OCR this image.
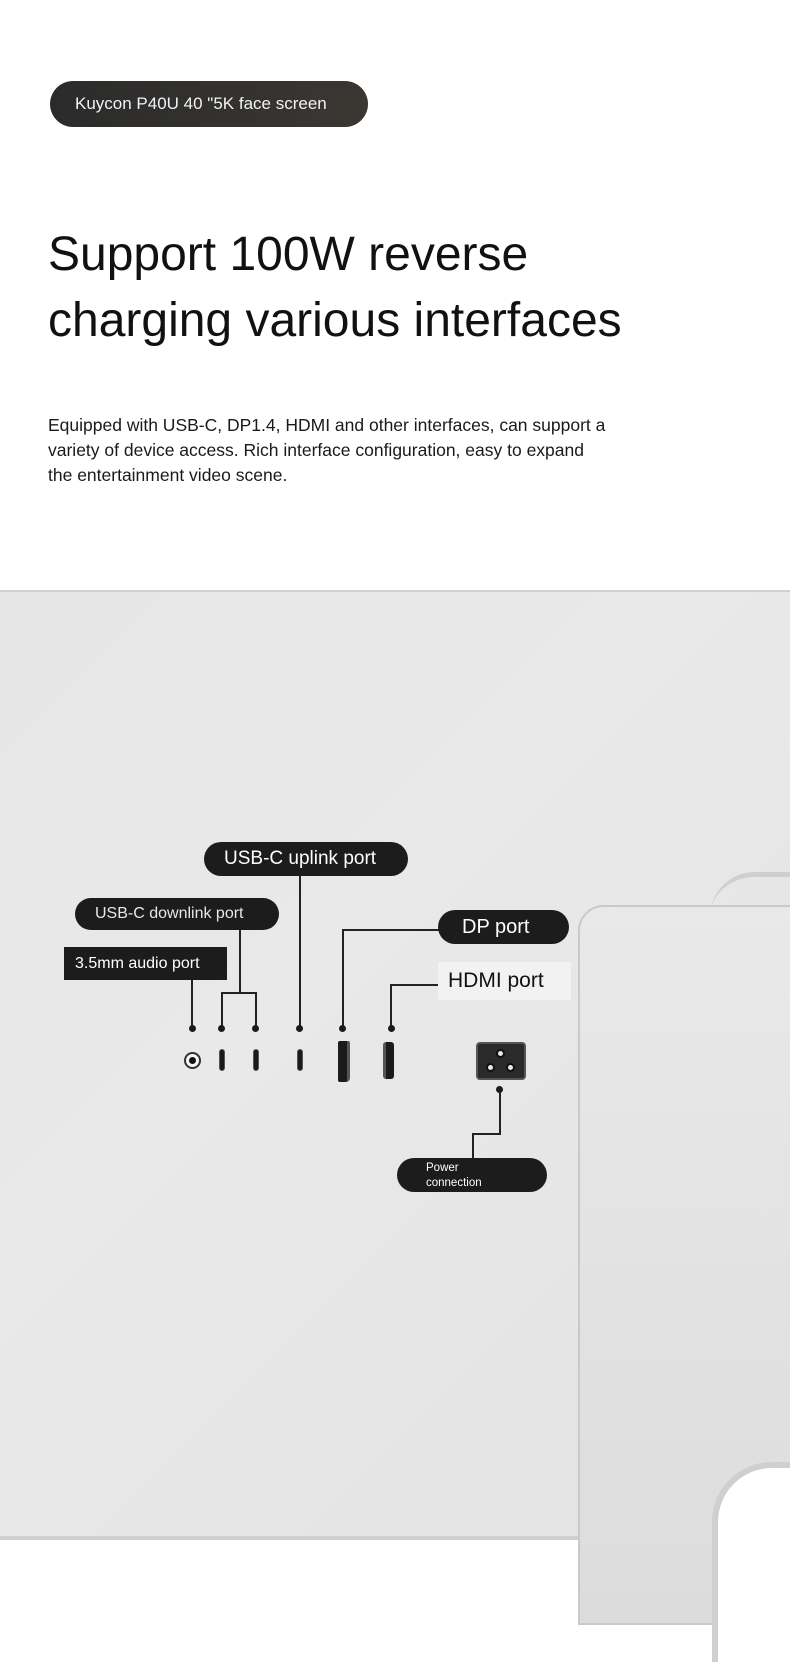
Kuycon P40U 40 "5K face screen
Support 100W reverse
charging various interfaces

Equipped with USB-C, DP1.4, HDMI and other interfaces, can support a
variety of device access. Rich interface configuration, easy to expand
the entertainment video scene.

USB-C uplink port
USB-C downlink port
3.5mm audio port
DP port
HDMI port
Power
connection
